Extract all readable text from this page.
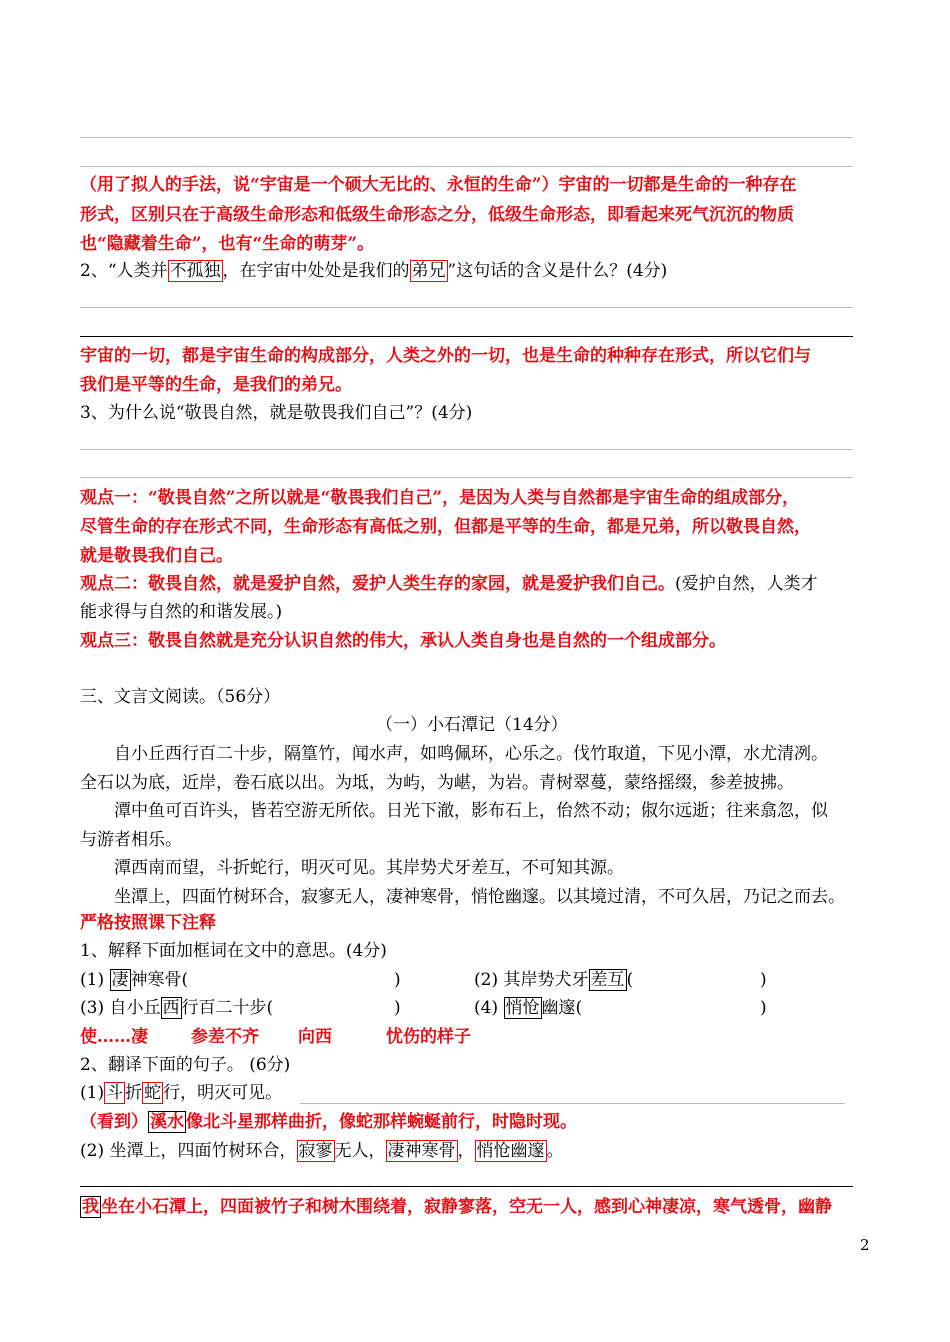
（用了拟人的手法，说“宇宙是一个硕大无比的、永恒的生命”）宇宙的一切都是生命的一种存在
形式，区别只在于高级生命形态和低级生命形态之分，低级生命形态，即看起来死气沉沉的物质
也“隐藏着生命”，也有“生命的萌芽”。
2、“人类并 不孤独 ，在宇宙中处处是我们的 弟兄 ”这句话的含义是什么？(4分)
宇宙的一切，都是宇宙生命的构成部分，人类之外的一切，也是生命的种种存在形式，所以它们与
我们是平等的生命，是我们的弟兄。
3、为什么说“敬畏自然，就是敬畏我们自己”？(4分)
观点一：“敬畏自然”之所以就是“敬畏我们自己”，是因为人类与自然都是宇宙生命的组成部分，
尽管生命的存在形式不同，生命形态有高低之别，但都是平等的生命，都是兄弟，所以敬畏自然，
就是敬畏我们自己。
观点二：敬畏自然，就是爱护自然，爱护人类生存的家园，就是爱护我们自己。(爱护自然，人类才
能求得与自然的和谐发展。)
观点三：敬畏自然就是充分认识自然的伟大，承认人类自身也是自然的一个组成部分。
三、文言文阅读。（56分）
（一）小石潭记（14分）
自小丘西行百二十步，隔篁竹，闻水声，如鸣佩环，心乐之。伐竹取道，下见小潭，水尤清冽。
全石以为底，近岸，卷石底以出。为坻，为屿，为嵁，为岩。青树翠蔓，蒙络摇缀，参差披拂。
潭中鱼可百许头，皆若空游无所依。日光下澈，影布石上，佁然不动；俶尔远逝；往来翕忽，似
与游者相乐。
潭西南而望，斗折蛇行，明灭可见。其岸势犬牙差互，不可知其源。
坐潭上，四面竹树环合，寂寥无人，凄神寒骨，悄怆幽邃。以其境过清，不可久居，乃记之而去。
严格按照课下注释
1、解释下面加框词在文中的意思。(4分)
(1) 凄 神寒骨(	)	(2) 其岸势犬牙 差互 (	)
(3) 自小丘 西 行百二十步(	)	(4) 悄怆 幽邃(	)
使……凄	参差不齐 向西	忧伤的样子
2、翻译下面的句子。 (6分)
(1) 斗 折 蛇 行，明灭可见。
（看到） 溪水 像北斗星那样曲折，像蛇那样蜿蜒前行，时隐时现。
(2) 坐潭上，四面竹树环合， 寂寥 无人， 凄神寒骨 ， 悄怆幽邃 。
我 坐在小石潭上，四面被竹子和树木围绕着，寂静寥落，空无一人，感到心神凄凉，寒气透骨，幽静
2
